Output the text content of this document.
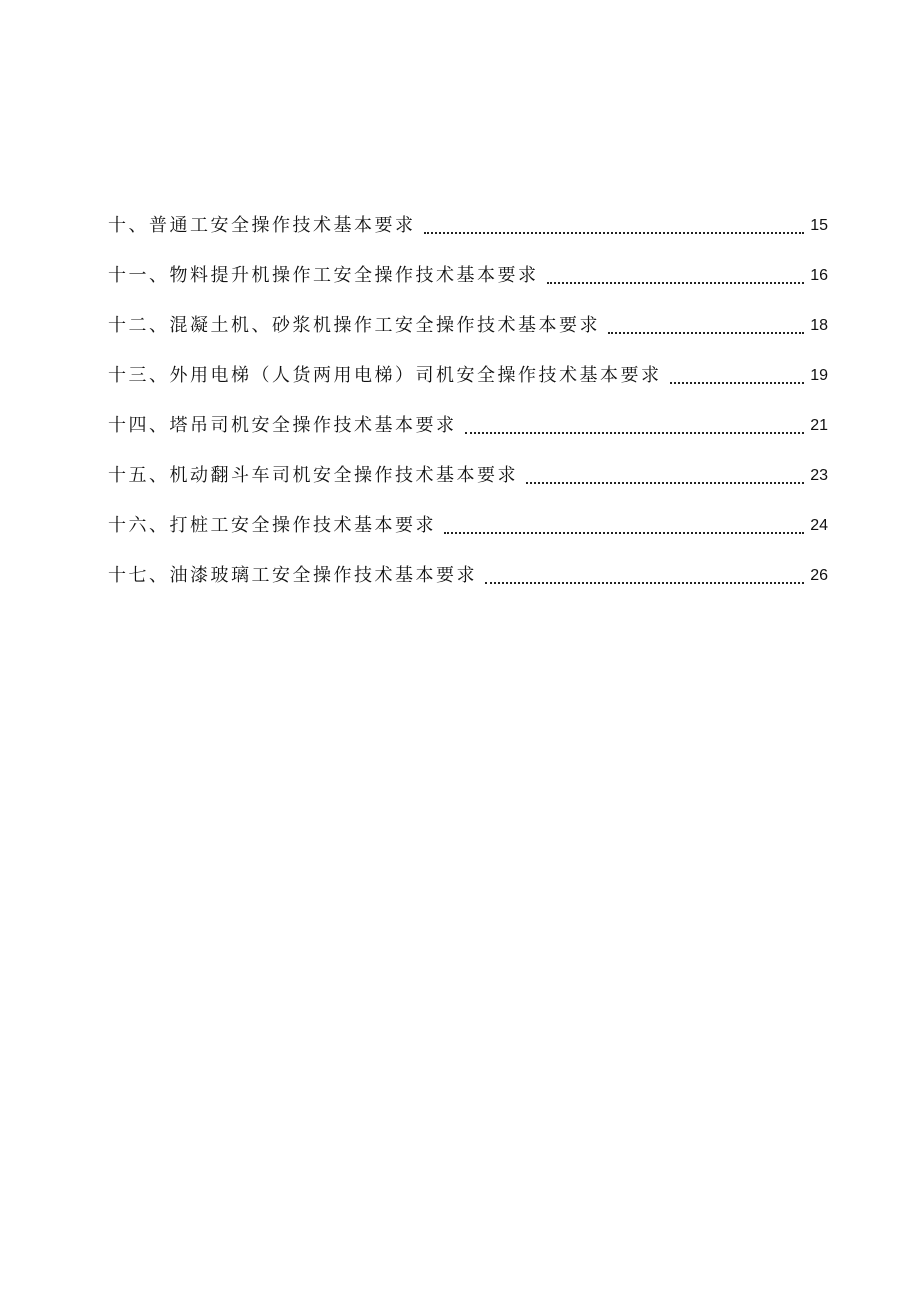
十、普通工安全操作技术基本要求	15
十一、物料提升机操作工安全操作技术基本要求	16
十二、混凝土机、砂浆机操作工安全操作技术基本要求	18
十三、外用电梯（人货两用电梯）司机安全操作技术基本要求	19
十四、塔吊司机安全操作技术基本要求	21
十五、机动翻斗车司机安全操作技术基本要求	23
十六、打桩工安全操作技术基本要求	24
十七、油漆玻璃工安全操作技术基本要求	26
